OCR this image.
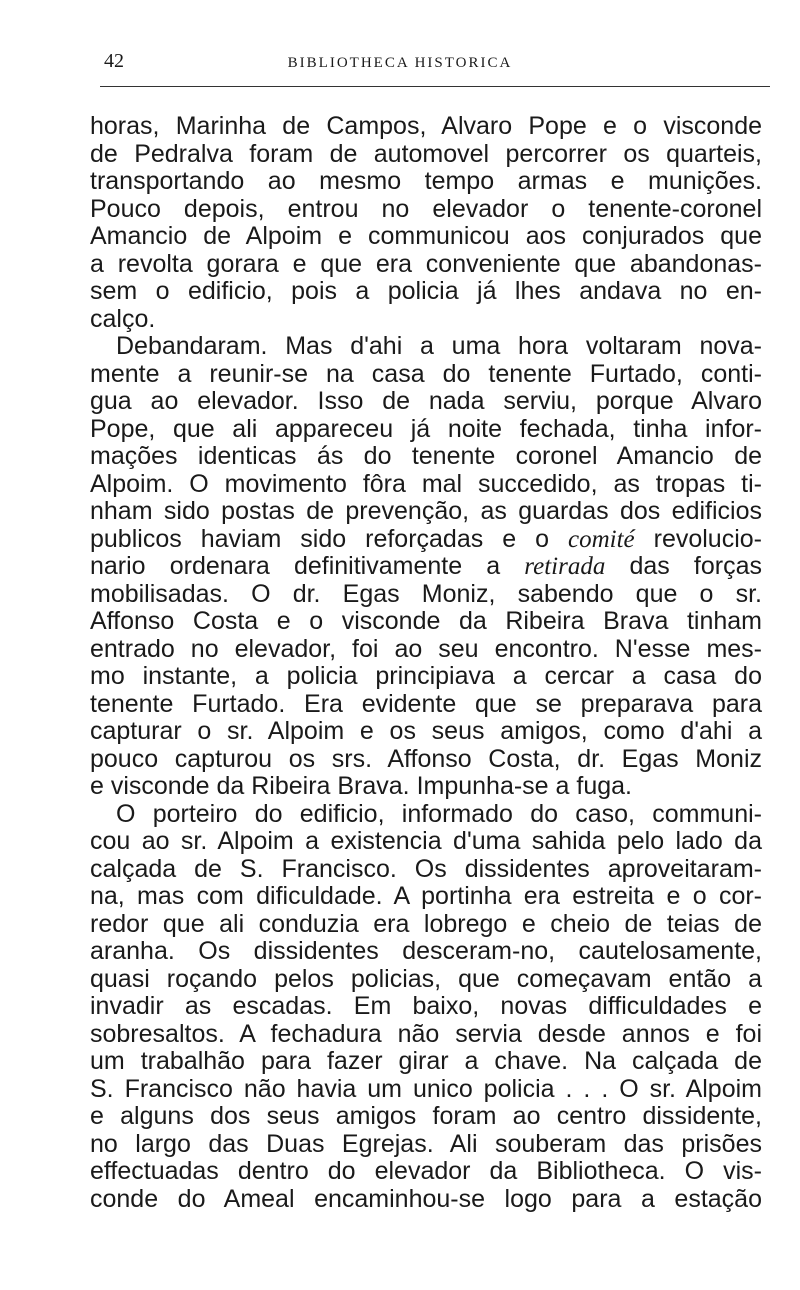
42	BIBLIOTHECA HISTORICA
horas, Marinha de Campos, Alvaro Pope e o visconde
de Pedralva foram de automovel percorrer os quarteis,
transportando ao mesmo tempo armas e munições.
Pouco depois, entrou no elevador o tenente-coronel
Amancio de Alpoim e communicou aos conjurados que
a revolta gorara e que era conveniente que abandonas-
sem o edificio, pois a policia já lhes andava no en-
calço.
Debandaram. Mas d'ahi a uma hora voltaram nova-
mente a reunir-se na casa do tenente Furtado, conti-
gua ao elevador. Isso de nada serviu, porque Alvaro
Pope, que ali appareceu já noite fechada, tinha infor-
mações identicas ás do tenente coronel Amancio de
Alpoim. O movimento fôra mal succedido, as tropas ti-
nham sido postas de prevenção, as guardas dos edificios
publicos haviam sido reforçadas e o comité revolucio-
nario ordenara definitivamente a retirada das forças
mobilisadas. O dr. Egas Moniz, sabendo que o sr.
Affonso Costa e o visconde da Ribeira Brava tinham
entrado no elevador, foi ao seu encontro. N'esse mes-
mo instante, a policia principiava a cercar a casa do
tenente Furtado. Era evidente que se preparava para
capturar o sr. Alpoim e os seus amigos, como d'ahi a
pouco capturou os srs. Affonso Costa, dr. Egas Moniz
e visconde da Ribeira Brava. Impunha-se a fuga.
O porteiro do edificio, informado do caso, communi-
cou ao sr. Alpoim a existencia d'uma sahida pelo lado da
calçada de S. Francisco. Os dissidentes aproveitaram-
na, mas com dificuldade. A portinha era estreita e o cor-
redor que ali conduzia era lobrego e cheio de teias de
aranha. Os dissidentes desceram-no, cautelosamente,
quasi roçando pelos policias, que começavam então a
invadir as escadas. Em baixo, novas difficuldades e
sobresaltos. A fechadura não servia desde annos e foi
um trabalhão para fazer girar a chave. Na calçada de
S. Francisco não havia um unico policia . . . O sr. Alpoim
e alguns dos seus amigos foram ao centro dissidente,
no largo das Duas Egrejas. Ali souberam das prisões
effectuadas dentro do elevador da Bibliotheca. O vis-
conde do Ameal encaminhou-se logo para a estação
